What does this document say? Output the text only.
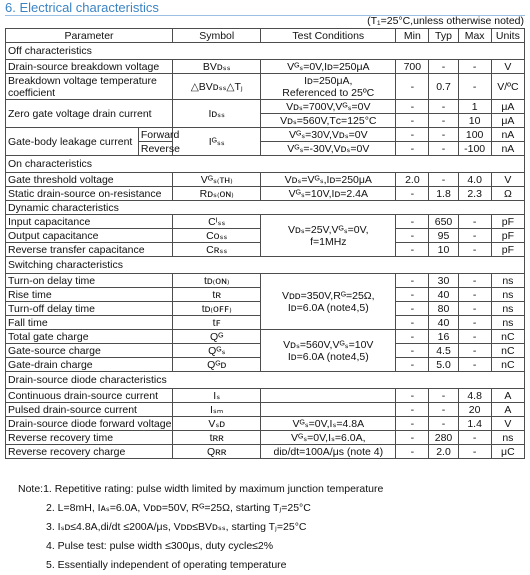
6. Electrical characteristics
(T₁=25°C,unless otherwise noted)
Parameter		Symbol	Test Conditions	Min	Typ	Max	Units
Off characteristics							
Drain-source breakdown voltage		BVᴅₛₛ	Vᴳₛ=0V,Iᴅ=250μA	700	-	-	V
Breakdown voltage temperature
coefficient		△BVᴅₛₛ△Tⱼ	Iᴅ=250μA,
Referenced to 25ºC	-	0.7	-	V/ºC
Zero gate voltage drain current		Iᴅₛₛ	Vᴅₛ=700V,Vᴳₛ=0V	-	-	1	μA
			Vᴅₛ=560V,Tᴄ=125°C	-	-	10	μA
Gate-body leakage current	Forward	Iᴳₛₛ	Vᴳₛ=30V,Vᴅₛ=0V	-	-	100	nA
	Reverse		Vᴳₛ=-30V,Vᴅₛ=0V	-	-	-100	nA
On characteristics							
Gate threshold voltage		Vᴳₛ₍ᴛʜ₎	Vᴅₛ=Vᴳₛ,Iᴅ=250μA	2.0	-	4.0	V
Static drain-source on-resistance		Rᴅₛ₍ᴏɴ₎	Vᴳₛ=10V,Iᴅ=2.4A	-	1.8	2.3	Ω
Dynamic characteristics							
Input capacitance		Cᴵₛₛ	Vᴅₛ=25V,Vᴳₛ=0V,
f=1MHᴢ	-	650	-	pF
Output capacitance		Cᴏₛₛ		-	95	-	pF
Reverse transfer capacitance		Cʀₛₛ		-	10	-	pF
Switching characteristics							
Turn-on delay time		tᴅ₍ᴏɴ₎	Vᴅᴅ=350V,Rᴳ=25Ω,
Iᴅ=6.0A (note4,5)	-	30	-	ns
Rise time		tʀ		-	40	-	ns
Turn-off delay time		tᴅ₍ᴏꜰꜰ₎		-	80	-	ns
Fall time		tꜰ		-	40	-	ns
Total gate charge		Qᴳ	Vᴅₛ=560V,Vᴳₛ=10V
Iᴅ=6.0A (note4,5)	-	16	-	nC
Gate-source charge		Qᴳₛ		-	4.5	-	nC
Gate-drain charge		Qᴳᴅ		-	5.0	-	nC
Drain-source diode characteristics							
Continuous drain-source current		Iₛ		-	-	4.8	A
Pulsed drain-source current		Iₛₘ		-	-	20	A
Drain-source diode forward voltage		Vₛᴅ	Vᴳₛ=0V,Iₛ=4.8A	-	-	1.4	V
Reverse recovery time		tʀʀ	Vᴳₛ=0V,Iₛ=6.0A,	-	280	-	ns
Reverse recovery charge		Qʀʀ	diᴅ/dt=100A/μs (note 4)	-	2.0	-	μC
Note:1. Repetitive rating: pulse width limited by maximum junction temperature
2. L=8mH, Iᴀₛ=6.0A, Vᴅᴅ=50V, Rᴳ=25Ω, starting Tⱼ=25°C
3. Iₛᴅ≤4.8A,di/dt ≤200A/μs, Vᴅᴅ≤BVᴅₛₛ, starting Tⱼ=25°C
4. Pulse test: pulse width ≤300μs, duty cycle≤2%
5. Essentially independent of operating temperature
